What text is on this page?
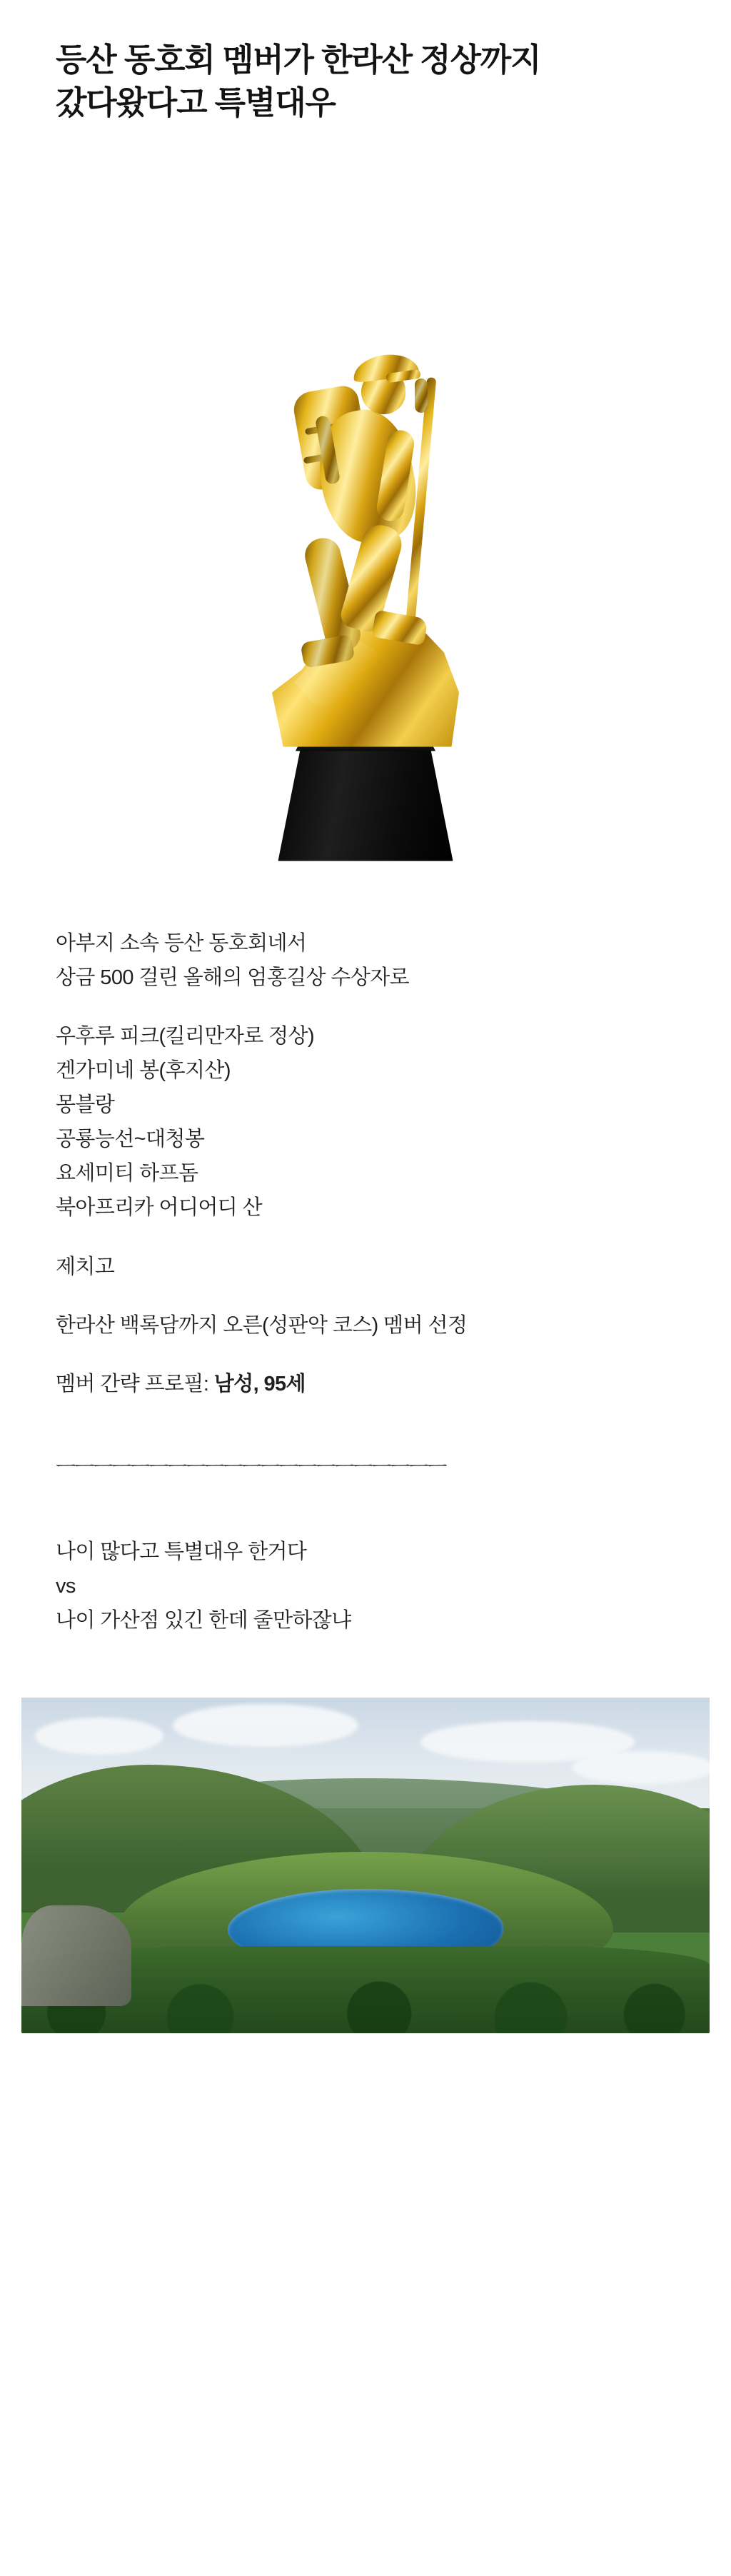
등산 동호회 멤버가 한라산 정상까지 갔다왔다고 특별대우

아부지 소속 등산 동호회네서

상금 500 걸린 올해의 엄홍길상 수상자로

우후루 피크(킬리만자로 정상)

겐가미네 봉(후지산)

몽블랑

공룡능선~대청봉

요세미티 하프돔

북아프리카 어디어디 산

제치고

한라산 백록담까지 오른(성판악 코스) 멤버 선정

멤버 간략 프로필: 남성, 95세

ㅡㅡㅡㅡㅡㅡㅡㅡㅡㅡㅡㅡㅡㅡㅡㅡㅡㅡㅡㅡㅡ

나이 많다고 특별대우 한거다

vs

나이 가산점 있긴 한데 줄만하잖냐
